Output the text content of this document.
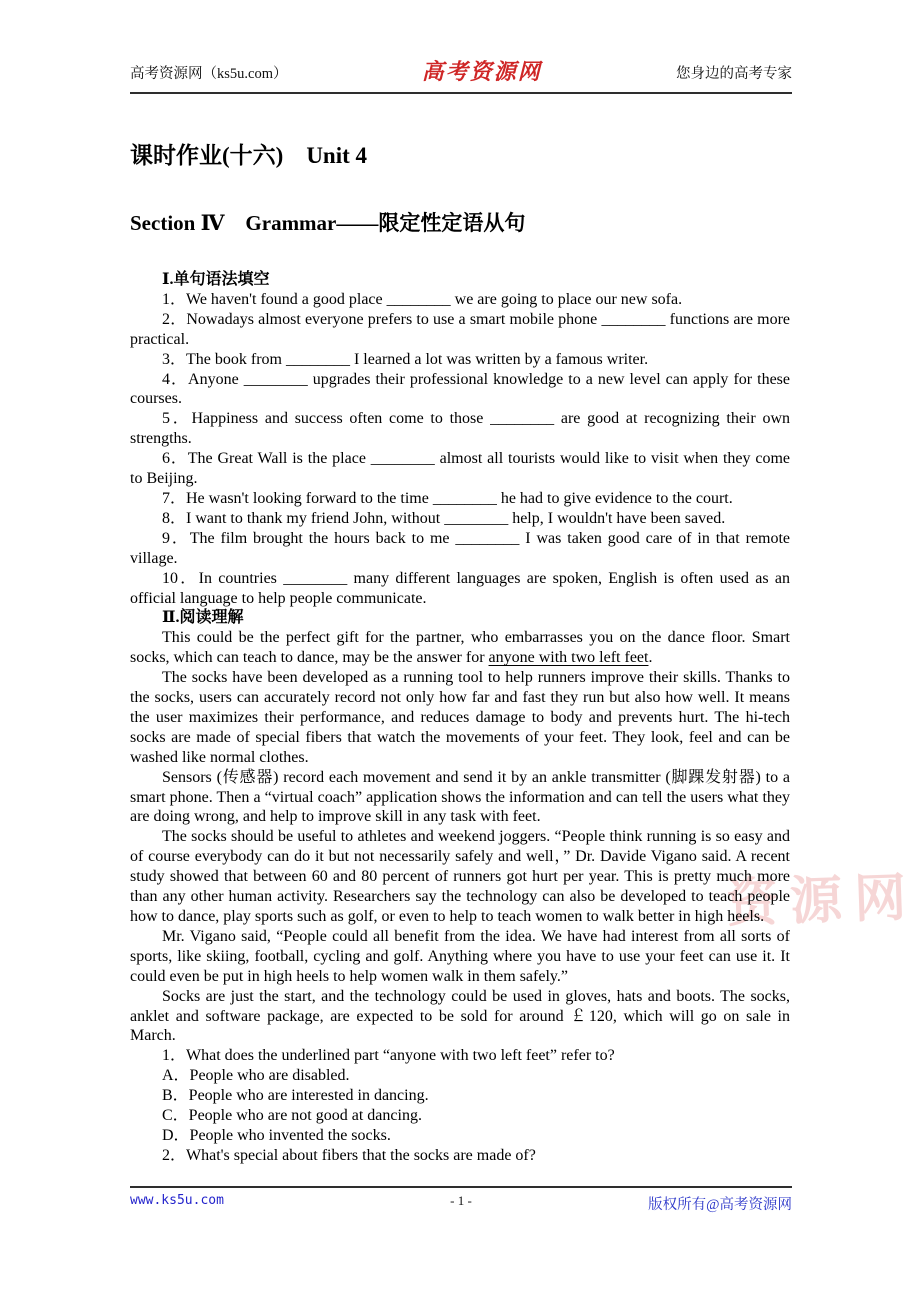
高考资源网（ks5u.com）	高考资源网	您身边的高考专家
资源网
课时作业(十六)　Unit 4
Section Ⅳ　Grammar——限定性定语从句

Ⅰ.单句语法填空

1．We haven't found a good place ________ we are going to place our new sofa.

2．Nowadays almost everyone prefers to use a smart mobile phone ________ functions are more practical.

3．The book from ________ I learned a lot was written by a famous writer.

4．Anyone ________ upgrades their professional knowledge to a new level can apply for these courses.

5．Happiness and success often come to those ________ are good at recognizing their own strengths.

6．The Great Wall is the place ________ almost all tourists would like to visit when they come to Beijing.

7．He wasn't looking forward to the time ________ he had to give evidence to the court.

8．I want to thank my friend John, without ________ help, I wouldn't have been saved.

9．The film brought the hours back to me ________ I was taken good care of in that remote village.

10．In countries ________ many different languages are spoken, English is often used as an official language to help people communicate.

Ⅱ.阅读理解

This could be the perfect gift for the partner, who embarrasses you on the dance floor. Smart socks, which can teach to dance, may be the answer for anyone with two left feet.

The socks have been developed as a running tool to help runners improve their skills. Thanks to the socks, users can accurately record not only how far and fast they run but also how well. It means the user maximizes their performance, and reduces damage to body and prevents hurt. The hi-tech socks are made of special fibers that watch the movements of your feet. They look, feel and can be washed like normal clothes.

Sensors (传感器) record each movement and send it by an ankle transmitter (脚踝发射器) to a smart phone. Then a “virtual coach” application shows the information and can tell the users what they are doing wrong, and help to improve skill in any task with feet.

The socks should be useful to athletes and weekend joggers. “People think running is so easy and of course everybody can do it but not necessarily safely and well，” Dr. Davide Vigano said. A recent study showed that between 60 and 80 percent of runners got hurt per year. This is pretty much more than any other human activity. Researchers say the technology can also be developed to teach people how to dance, play sports such as golf, or even to help to teach women to walk better in high heels.

Mr. Vigano said, “People could all benefit from the idea. We have had interest from all sorts of sports, like skiing, football, cycling and golf. Anything where you have to use your feet can use it. It could even be put in high heels to help women walk in them safely.”

Socks are just the start, and the technology could be used in gloves, hats and boots. The socks, anklet and software package, are expected to be sold for around ￡120, which will go on sale in March.

1．What does the underlined part “anyone with two left feet” refer to?

A．People who are disabled.

B．People who are interested in dancing.

C．People who are not good at dancing.

D．People who invented the socks.

2．What's special about fibers that the socks are made of?

www.ks5u.com	- 1 -	版权所有@高考资源网
